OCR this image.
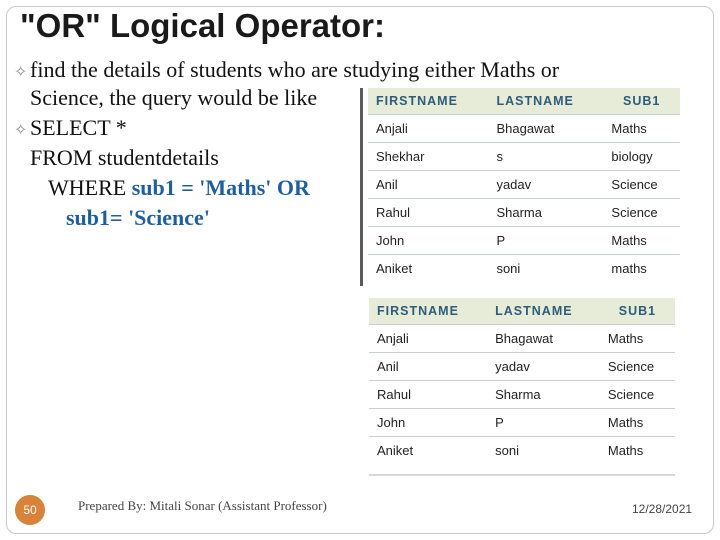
"OR" Logical Operator:
✧ find the details of students who are studying either Maths or
Science, the query would be like
✧ SELECT *
FROM studentdetails
WHERE sub1 = 'Maths' OR
sub1= 'Science'
FIRSTNAME	LASTNAME	SUB1
Anjali	Bhagawat	Maths
Shekhar	s	biology
Anil	yadav	Science
Rahul	Sharma	Science
John	P	Maths
Aniket	soni	maths
FIRSTNAME	LASTNAME	SUB1
Anjali	Bhagawat	Maths
Anil	yadav	Science
Rahul	Sharma	Science
John	P	Maths
Aniket	soni	Maths
50	Prepared By: Mitali Sonar (Assistant Professor)	12/28/2021
